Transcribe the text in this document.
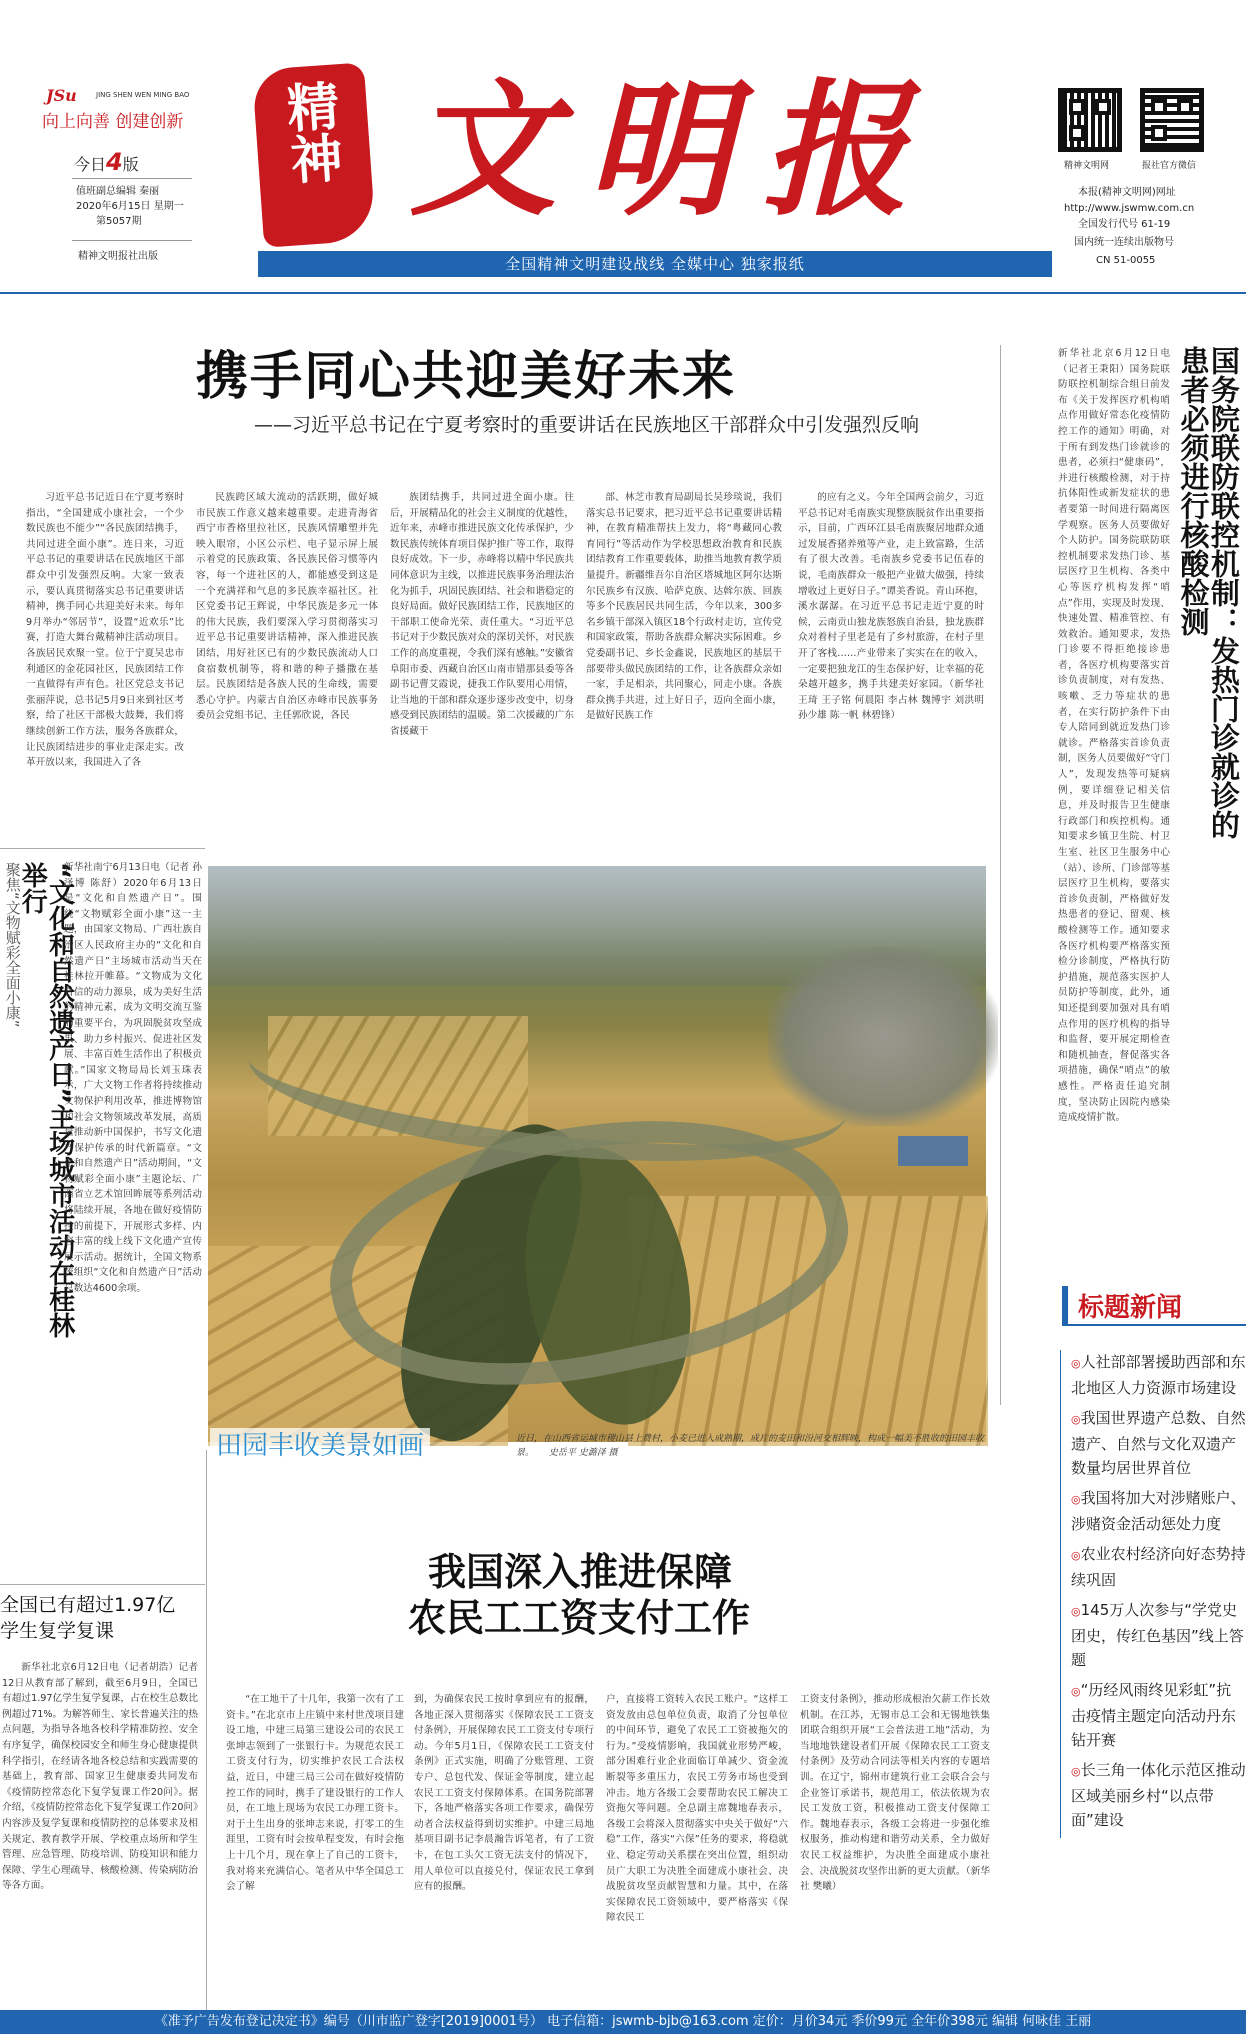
JSu	JING SHEN WEN MING BAO
向上向善 创建创新
今日4版
值班副总编辑 秦丽
2020年6月15日 星期一
第5057期
精神文明报社出版
精神 文明报
全国精神文明建设战线 全媒中心 独家报纸
精神文明网	报社官方微信
本报(精神文明网)网址
http://www.jswmw.com.cn
全国发行代号 61-19
国内统一连续出版物号
CN 51-0055
携手同心共迎美好未来
——习近平总书记在宁夏考察时的重要讲话在民族地区干部群众中引发强烈反响
习近平总书记近日在宁夏考察时指出，“全国建成小康社会，一个少数民族也不能少”“各民族团结携手，共同过进全面小康”。连日来，习近平总书记的重要讲话在民族地区干部群众中引发强烈反响。大家一致表示，要认真贯彻落实总书记重要讲话精神，携手同心共迎美好未来。每年9月举办“邻居节”，设置“近欢乐”比赛，打造大舞台戴精神注活动项目。各族居民欢聚一堂。位于宁夏吴忠市利通区的金花园社区，民族团结工作一直做得有声有色。社区党总支书记张丽萍说，总书记5月9日来到社区考察，给了社区干部极大鼓舞，我们将继续创新工作方法，服务各族群众，让民族团结进步的事业走深走实。改革开放以来，我国进入了各
民族跨区域大流动的活跃期，做好城市民族工作意义越来越重要。走进青海省西宁市香格里拉社区，民族风情雕塑并先映入眼帘，小区公示栏、电子显示屏上展示着党的民族政策、各民族民俗习惯等内容，每一个进社区的人，都能感受到这是一个充满祥和气息的多民族幸福社区。社区党委书记王辉说，中华民族是多元一体的伟大民族，我们要深入学习贯彻落实习近平总书记重要讲话精神，深入推进民族团结，用好社区已有的少数民族流动人口食宿数机制等，将和谐的种子播撒在基层。民族团结是各族人民的生命线，需要悉心守护。内蒙古自治区赤峰市民族事务委员会党组书记、主任郭欣说，各民
族团结携手，共同过进全面小康。往后，开展精品化的社会主义制度的优越性，近年来，赤峰市推进民族文化传承保护，少数民族传统体育项目保护推广等工作，取得良好成效。下一步，赤峰将以精中华民族共同体意识为主线，以推进民族事务治理法治化为抓手，巩固民族团结、社会和谐稳定的良好局面。做好民族团结工作，民族地区的干部职工使命光荣、责任重大。“习近平总书记对于少数民族对众的深切关怀，对民族工作的高度重视，令我们深有感触。”安徽省阜阳市委、西藏自治区山南市错那县委等各副书记曹艾霞说，捷我工作队要用心用情，让当地的干部和群众逐步逐步改变中，切身感受到民族团结的温暖。第二次援藏的广东省援藏干
部、林芝市教育局副局长吴珍琰说，我们落实总书记要求，把习近平总书记重要讲话精神，在教育精准帮扶上发力，将“粤藏同心教育同行”等活动作为学校思想政治教育和民族团结教育工作重要载体，助推当地教育教学质量提升。新疆维吾尔自治区塔城地区阿尔达斯尔民族乡有汉族、哈萨克族、达斡尔族、回族等多个民族居民共同生活，今年以来，300多名乡镇干部深入镇区18个行政村走访，宣传党和国家政策，帮助各族群众解决实际困难。乡党委副书记、乡长金鑫说，民族地区的基层干部要带头做民族团结的工作，让各族群众亲如一家，手足相亲，共同聚心，同走小康。各族群众携手共进，过上好日子，迈向全面小康，是做好民族工作
的应有之义。今年全国两会前夕，习近平总书记对毛南族实现整族脱贫作出重要指示，目前，广西环江县毛南族聚居地群众通过发展香猪养殖等产业，走上致富路，生活有了很大改善。毛南族乡党委书记伍春的说，毛南族群众一般把产业做大做强，持续增收过上更好日子。”谭美香说。青山环抱，溪水潺潺。在习近平总书记走近宁夏的时候，云南贡山独龙族怒族自治县，独龙族群众对着村子里老是有了乡村旅游，在村子里开了客栈……产业带来了实实在在的收入，一定要把独龙江的生态保护好，让幸福的花朵越开越多，携手共建美好家园。（新华社 王琦 王子铭 何晨阳 李占林 魏博宇 刘洪明 孙少雄 陈一帆 林碧锋）	国务院联防联控机制：发热门诊就诊的患者必须进行核酸检测
新华社北京6月12日电（记者王秉阳）国务院联防联控机制综合组日前发布《关于发挥医疗机构哨点作用做好常态化疫情防控工作的通知》明确，对于所有到发热门诊就诊的患者，必须扫“健康码”，并进行核酸检测，对于持抗体阳性或新发症状的患者要第一时间进行隔离医学观察。医务人员要做好个人防护。国务院联防联控机制要求发热门诊、基层医疗卫生机构、各类中心等医疗机构发挥“哨点”作用，实现及时发现、快速处置、精准管控、有效救治。通知要求，发热门诊要不得拒绝接诊患者，各医疗机构要落实首诊负责制度，对有发热、咳嗽、乏力等症状的患者，在实行防护条件下由专人陪同到就近发热门诊就诊。严格落实首诊负责制，医务人员要做好“守门人”，发现发热等可疑病例，要详细登记相关信息，并及时报告卫生健康行政部门和疾控机构。通知要求乡镇卫生院、村卫生室、社区卫生服务中心（站）、诊所、门诊部等基层医疗卫生机构，要落实首诊负责制，严格做好发热患者的登记、留观、核酸检测等工作。通知要求各医疗机构要严格落实预检分诊制度，严格执行防护措施，规范落实医护人员防护等制度，此外，通知还提到要加强对具有哨点作用的医疗机构的指导和监督，要开展定期检查和随机抽查，督促落实各项措施，确保“哨点”的敏感性。严格责任追究制度，坚决防止因院内感染造成疫情扩散。
“文化和自然遗产日”主场城市活动在桂林举行
聚焦“文物赋彩全面小康”	新华社南宁6月13日电（记者 孙泽博 陈舒）2020年6月13日是“文化和自然遗产日”。围绕“文物赋彩全面小康”这一主题，由国家文物局、广西壮族自治区人民政府主办的“文化和自然遗产日”主场城市活动当天在桂林拉开帷幕。“文物成为文化自信的动力源泉，成为美好生活的精神元素，成为文明交流互鉴的重要平台，为巩固脱贫攻坚成果、助力乡村振兴、促进社区发展、丰富百姓生活作出了积极贡献。”国家文物局局长刘玉珠表示，广大文物工作者将持续推动文物保护利用改革，推进博物馆和社会文物领域改革发展，高质量推动新中国保护，书写文化遗产保护传承的时代新篇章。“文化和自然遗产日”活动期间，“文物赋彩全面小康”主题论坛、广西省立艺术馆回眸展等系列活动将陆续开展，各地在做好疫情防控的前提下，开展形式多样、内容丰富的线上线下文化遗产宣传展示活动。据统计，全国文物系统组织“文化和自然遗产日”活动总数达4600余项。
田园丰收美景如画	近日，在山西省运城市稷山县上费村，小麦已进入成熟期，成片的麦田和汾河交相辉映，构成一幅美不胜收的田园丰收景。 史岳平 史潞泽 摄
标题新闻
◎人社部部署援助西部和东北地区人力资源市场建设
◎我国世界遗产总数、自然遗产、自然与文化双遗产数量均居世界首位
◎我国将加大对涉赌账户、涉赌资金活动惩处力度
◎农业农村经济向好态势持续巩固
◎145万人次参与“学党史团史，传红色基因”线上答题
◎“历经风雨终见彩虹”抗击疫情主题定向活动丹东钻开赛
◎长三角一体化示范区推动区域美丽乡村“以点带面”建设
全国已有超过1.97亿学生复学复课
新华社北京6月12日电（记者胡浩）记者12日从教育部了解到，截至6月9日，全国已有超过1.97亿学生复学复课，占在校生总数比例超过71%。为解答师生、家长普遍关注的热点问题，为指导各地各校科学精准防控、安全有序复学，确保校园安全和师生身心健康提供科学指引，在经请各地各校总结和实践需要的基础上，教育部、国家卫生健康委共同发布《疫情防控常态化下复学复课工作20问》。据介绍，《疫情防控常态化下复学复课工作20问》内容涉及复学复课和疫情防控的总体要求及相关规定、教育教学开展、学校重点场所和学生管理、应急管理、防疫培训、防疫知识和能力保障、学生心理疏导、核酸检测、传染病防治等各方面。
我国深入推进保障
农民工工资支付工作
“在工地干了十几年，我第一次有了工资卡。”在北京市上庄镇中来村世茂项目建设工地，中建三局第三建设公司的农民工张坤志领到了一张银行卡。为规范农民工工资支付行为，切实维护农民工合法权益，近日，中建三局三公司在做好疫情防控工作的同时，携手了建设银行的工作人员，在工地上现场为农民工办理工资卡。对于土生出身的张坤志来说，打零工的生涯里，工资有时会按单程变发，有时会拖上十几个月，现在拿上了自己的工资卡，我对将来充满信心。笔者从中华全国总工会了解
到，为确保农民工按时拿到应有的报酬，各地正深入贯彻落实《保障农民工工资支付条例》，开展保障农民工工资支付专项行动。今年5月1日，《保障农民工工资支付条例》正式实施，明确了分账管理、工资专户、总包代发、保证金等制度，建立起农民工工资支付保障体系。在国务院部署下，各地严格落实各项工作要求，确保劳动者合法权益得到切实维护。中建三局地基项目副书记李晨瀚告诉笔者，有了工资卡，在包工头欠工资无法支付的情况下，用人单位可以直接兑付，保证农民工拿到应有的报酬。
户，直接将工资转入农民工账户。“这样工资发放由总包单位负责，取消了分包单位的中间环节，避免了农民工工资被拖欠的行为。”受疫情影响，我国就业形势严峻，部分困难行业企业面临订单减少、资金流断裂等多重压力，农民工劳务市场也受到冲击。地方各级工会要帮助农民工解决工资拖欠等问题。全总副主席魏地春表示，各级工会将深入贯彻落实中央关于做好“六稳”工作，落实“六保”任务的要求，将稳就业、稳定劳动关系摆在突出位置，组织动员广大职工为决胜全面建成小康社会、决战脱贫攻坚贡献智慧和力量。其中，在落实保障农民工资领域中，要严格落实《保障农民工
工资支付条例》，推动形成根治欠薪工作长效机制。在江苏，无锡市总工会和无锡地铁集团联合组织开展“工会普法进工地”活动，为当地地铁建设者们开展《保障农民工工资支付条例》及劳动合同法等相关内容的专题培训。在辽宁，锦州市建筑行业工会联合会与企业签订承诺书，规范用工，依法依规为农民工发放工资，积极推动工资支付保障工作。魏地春表示，各级工会将进一步强化维权服务，推动构建和谐劳动关系，全力做好农民工权益维护，为决胜全面建成小康社会、决战脱贫攻坚作出新的更大贡献。（新华社 樊曦）
《准予广告发布登记决定书》编号（川市监广登字[2019]0001号） 电子信箱：jswmb-bjb@163.com 定价：月价34元 季价99元 全年价398元 编辑 何咏佳 王丽
